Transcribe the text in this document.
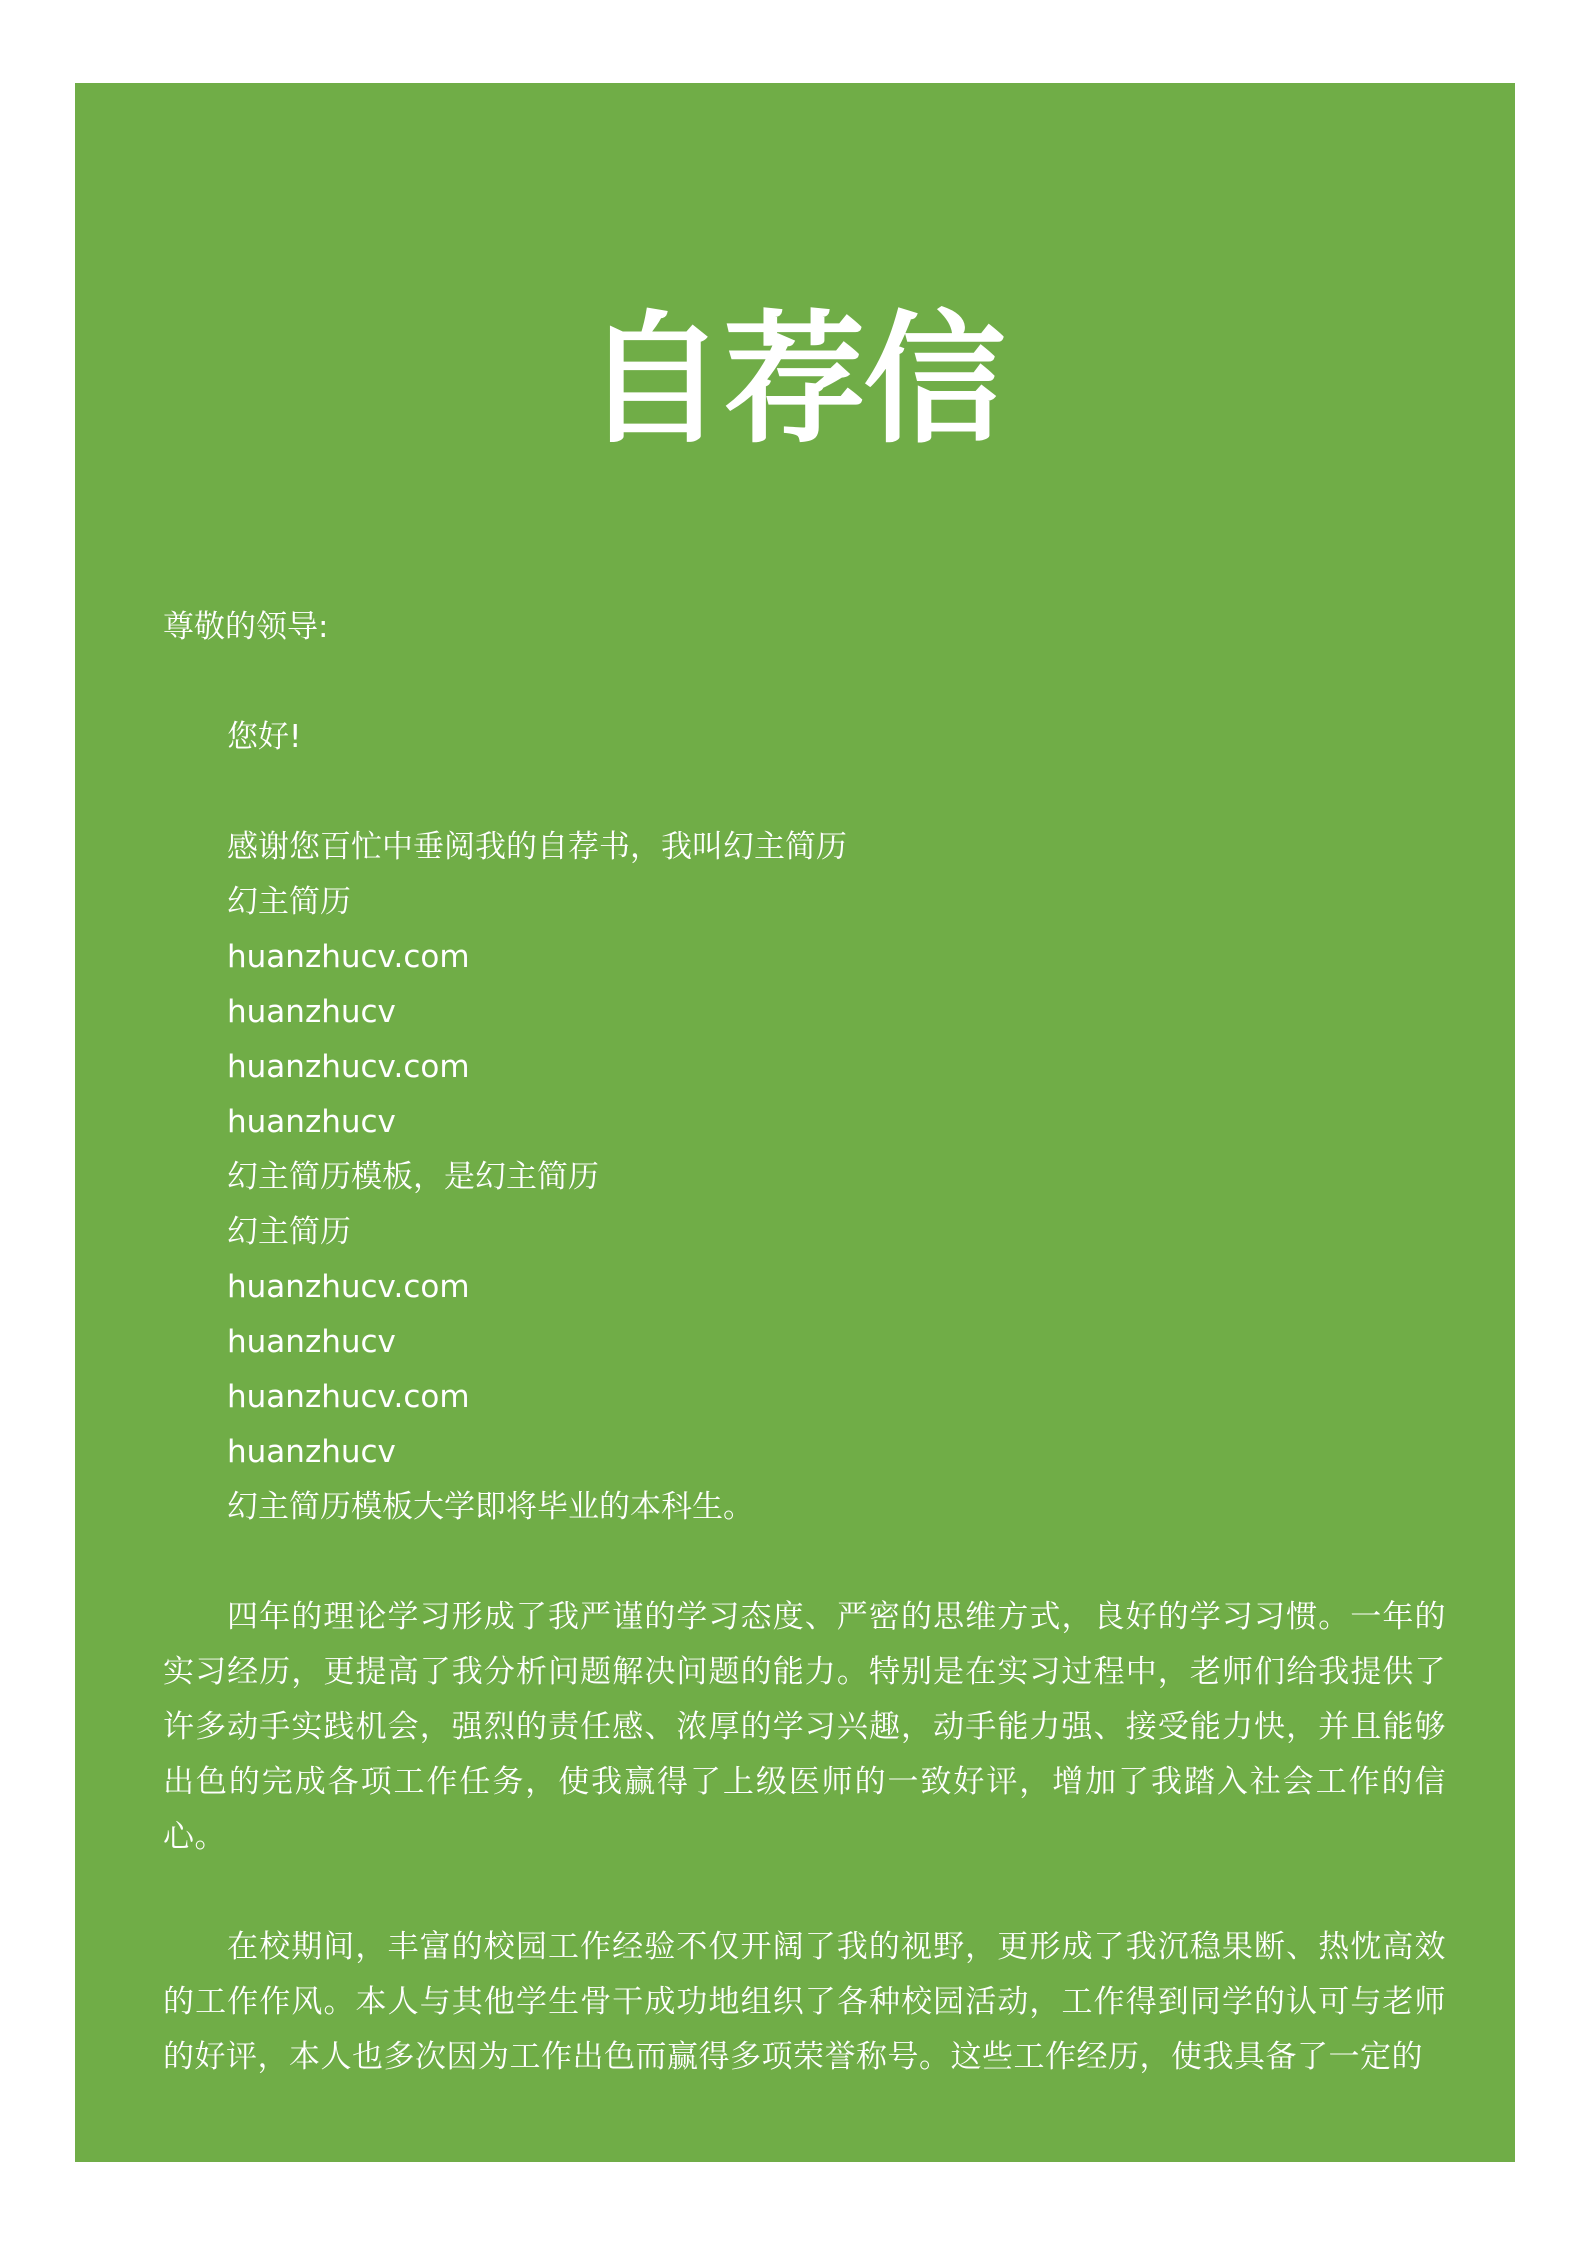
自荐信
尊敬的领导:
您好!
感谢您百忙中垂阅我的自荐书，我叫幻主简历
幻主简历
huanzhucv.com
huanzhucv
huanzhucv.com
huanzhucv
幻主简历模板，是幻主简历
幻主简历
huanzhucv.com
huanzhucv
huanzhucv.com
huanzhucv
幻主简历模板大学即将毕业的本科生。

四年的理论学习形成了我严谨的学习态度、严密的思维方式，良好的学习习惯。一年的实习经历，更提高了我分析问题解决问题的能力。特别是在实习过程中，老师们给我提供了许多动手实践机会，强烈的责任感、浓厚的学习兴趣，动手能力强、接受能力快，并且能够出色的完成各项工作任务，使我赢得了上级医师的一致好评，增加了我踏入社会工作的信心。

在校期间，丰富的校园工作经验不仅开阔了我的视野，更形成了我沉稳果断、热忱高效的工作作风。本人与其他学生骨干成功地组织了各种校园活动，工作得到同学的认可与老师的好评，本人也多次因为工作出色而赢得多项荣誉称号。这些工作经历，使我具备了一定的
